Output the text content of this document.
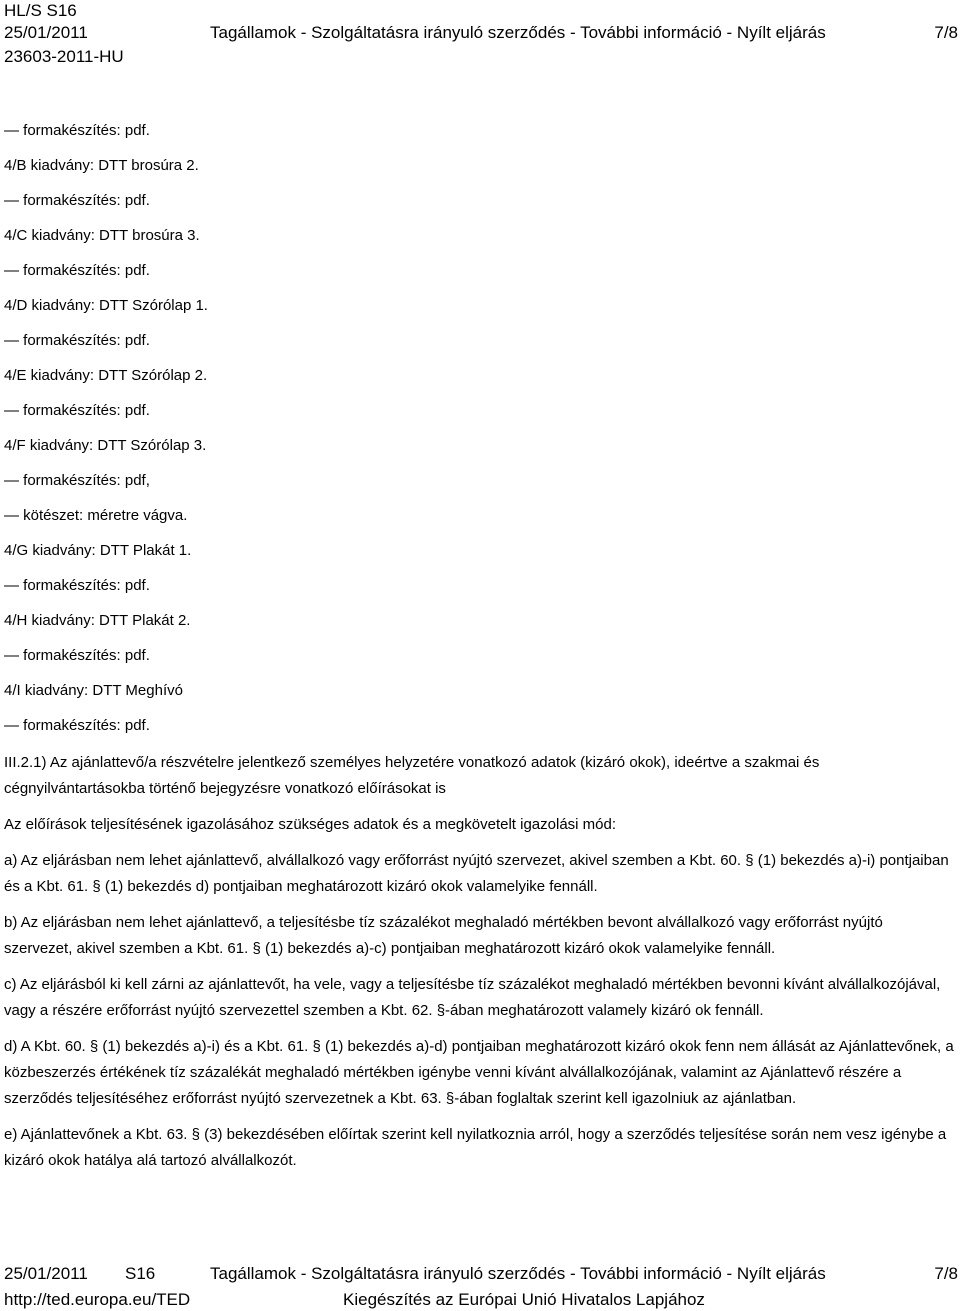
HL/S S16
25/01/2011	Tagállamok - Szolgáltatásra irányuló szerződés - További információ - Nyílt eljárás	7/8
23603-2011-HU
— formakészítés: pdf.
4/B kiadvány: DTT brosúra 2.
— formakészítés: pdf.
4/C kiadvány: DTT brosúra 3.
— formakészítés: pdf.
4/D kiadvány: DTT Szórólap 1.
— formakészítés: pdf.
4/E kiadvány: DTT Szórólap 2.
— formakészítés: pdf.
4/F kiadvány: DTT Szórólap 3.
— formakészítés: pdf,
— kötészet: méretre vágva.
4/G kiadvány: DTT Plakát 1.
— formakészítés: pdf.
4/H kiadvány: DTT Plakát 2.
— formakészítés: pdf.
4/I kiadvány: DTT Meghívó
— formakészítés: pdf.

III.2.1) Az ajánlattevő/a részvételre jelentkező személyes helyzetére vonatkozó adatok (kizáró okok), ideértve a szakmai és cégnyilvántartásokba történő bejegyzésre vonatkozó előírásokat is

Az előírások teljesítésének igazolásához szükséges adatok és a megkövetelt igazolási mód:

a) Az eljárásban nem lehet ajánlattevő, alvállalkozó vagy erőforrást nyújtó szervezet, akivel szemben a Kbt. 60. § (1) bekezdés a)-i) pontjaiban és a Kbt. 61. § (1) bekezdés d) pontjaiban meghatározott kizáró okok valamelyike fennáll.

b) Az eljárásban nem lehet ajánlattevő, a teljesítésbe tíz százalékot meghaladó mértékben bevont alvállalkozó vagy erőforrást nyújtó szervezet, akivel szemben a Kbt. 61. § (1) bekezdés a)-c) pontjaiban meghatározott kizáró okok valamelyike fennáll.

c) Az eljárásból ki kell zárni az ajánlattevőt, ha vele, vagy a teljesítésbe tíz százalékot meghaladó mértékben bevonni kívánt alvállalkozójával, vagy a részére erőforrást nyújtó szervezettel szemben a Kbt. 62. §-ában meghatározott valamely kizáró ok fennáll.

d) A Kbt. 60. § (1) bekezdés a)-i) és a Kbt. 61. § (1) bekezdés a)-d) pontjaiban meghatározott kizáró okok fenn nem állását az Ajánlattevőnek, a közbeszerzés értékének tíz százalékát meghaladó mértékben igénybe venni kívánt alvállalkozójának, valamint az Ajánlattevő részére a szerződés teljesítéséhez erőforrást nyújtó szervezetnek a Kbt. 63. §-ában foglaltak szerint kell igazolniuk az ajánlatban.

e) Ajánlattevőnek a Kbt. 63. § (3) bekezdésében előírtak szerint kell nyilatkoznia arról, hogy a szerződés teljesítése során nem vesz igénybe a kizáró okok hatálya alá tartozó alvállalkozót.

25/01/2011 S16	Tagállamok - Szolgáltatásra irányuló szerződés - További információ - Nyílt eljárás	7/8
http://ted.europa.eu/TED	Kiegészítés az Európai Unió Hivatalos Lapjához
